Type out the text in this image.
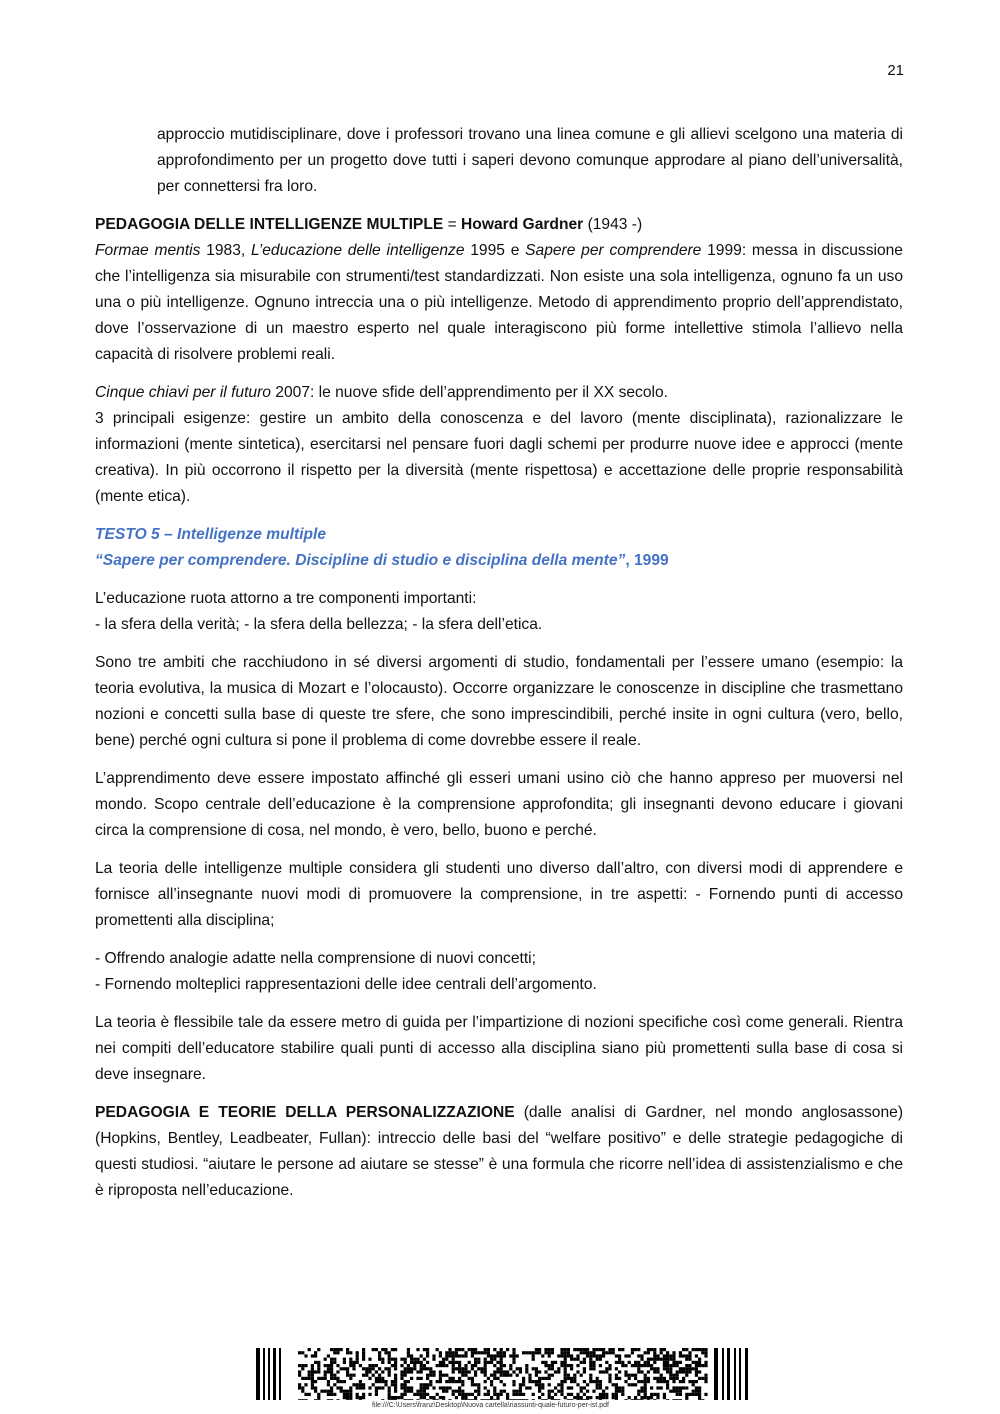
21

approccio mutidisciplinare, dove i professori trovano una linea comune e gli allievi scelgono una materia di approfondimento per un progetto dove tutti i saperi devono comunque approdare al piano dell’universalità, per connettersi fra loro.

PEDAGOGIA DELLE INTELLIGENZE MULTIPLE = Howard Gardner (1943 -)
Formae mentis 1983, L’educazione delle intelligenze 1995 e Sapere per comprendere 1999: messa in discussione che l’intelligenza sia misurabile con strumenti/test standardizzati. Non esiste una sola intelligenza, ognuno fa un uso una o più intelligenze. Ognuno intreccia una o più intelligenze. Metodo di apprendimento proprio dell’apprendistato, dove l’osservazione di un maestro esperto nel quale interagiscono più forme intellettive stimola l’allievo nella capacità di risolvere problemi reali.

Cinque chiavi per il futuro 2007: le nuove sfide dell’apprendimento per il XX secolo.
3 principali esigenze: gestire un ambito della conoscenza e del lavoro (mente disciplinata), razionalizzare le informazioni (mente sintetica), esercitarsi nel pensare fuori dagli schemi per produrre nuove idee e approcci (mente creativa). In più occorrono il rispetto per la diversità (mente rispettosa) e accettazione delle proprie responsabilità (mente etica).

TESTO 5 – Intelligenze multiple
“Sapere per comprendere. Discipline di studio e disciplina della mente”, 1999

L’educazione ruota attorno a tre componenti importanti:
- la sfera della verità; - la sfera della bellezza; - la sfera dell’etica.

Sono tre ambiti che racchiudono in sé diversi argomenti di studio, fondamentali per l’essere umano (esempio: la teoria evolutiva, la musica di Mozart e l’olocausto). Occorre organizzare le conoscenze in discipline che trasmettano nozioni e concetti sulla base di queste tre sfere, che sono imprescindibili, perché insite in ogni cultura (vero, bello, bene) perché ogni cultura si pone il problema di come dovrebbe essere il reale.

L’apprendimento deve essere impostato affinché gli esseri umani usino ciò che hanno appreso per muoversi nel mondo. Scopo centrale dell’educazione è la comprensione approfondita; gli insegnanti devono educare i giovani circa la comprensione di cosa, nel mondo, è vero, bello, buono e perché.

La teoria delle intelligenze multiple considera gli studenti uno diverso dall’altro, con diversi modi di apprendere e fornisce all’insegnante nuovi modi di promuovere la comprensione, in tre aspetti: - Fornendo punti di accesso promettenti alla disciplina;

- Offrendo analogie adatte nella comprensione di nuovi concetti;
- Fornendo molteplici rappresentazioni delle idee centrali dell’argomento.

La teoria è flessibile tale da essere metro di guida per l’impartizione di nozioni specifiche così come generali. Rientra nei compiti dell’educatore stabilire quali punti di accesso alla disciplina siano più promettenti sulla base di cosa si deve insegnare.

PEDAGOGIA E TEORIE DELLA PERSONALIZZAZIONE (dalle analisi di Gardner, nel mondo anglosassone) (Hopkins, Bentley, Leadbeater, Fullan): intreccio delle basi del “welfare positivo” e delle strategie pedagogiche di questi studiosi. “aiutare le persone ad aiutare se stesse” è una formula che ricorre nell’idea di assistenzialismo e che è riproposta nell’educazione.

file:///C:\Users\franz\Desktop\Nuova cartella\riassunti-quale-futuro-per-ist.pdf
